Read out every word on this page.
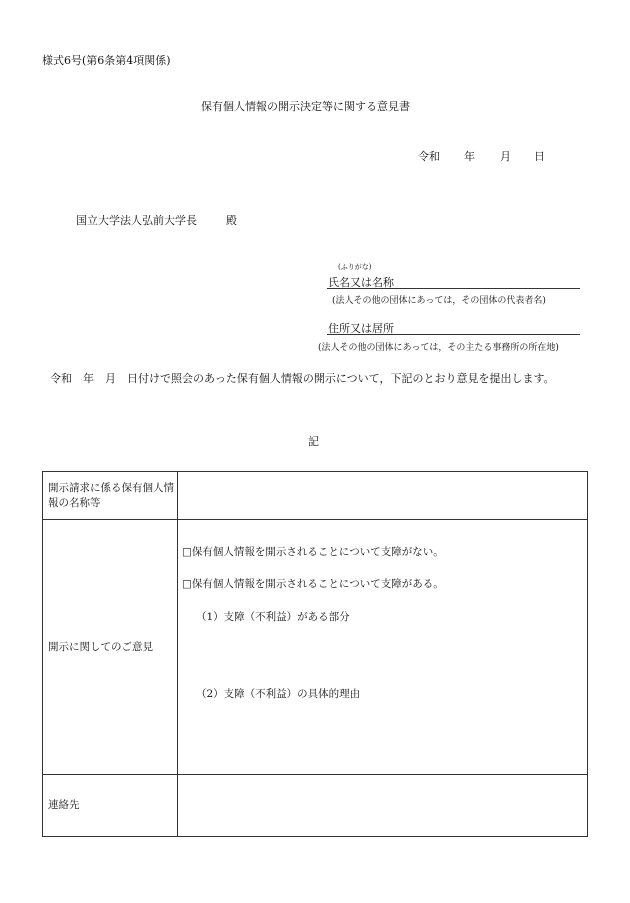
様式6号(第6条第4項関係)
保有個人情報の開示決定等に関する意見書
令和 年 月 日
国立大学法人弘前大学長	殿
(ふりがな)
氏名又は名称
(法人その他の団体にあっては，その団体の代表者名)
住所又は居所
(法人その他の団体にあっては，その主たる事務所の所在地)
令和　年　月　日付けで照会のあった保有個人情報の開示について，下記のとおり意見を提出します。
記
開示請求に係る保有個人情報の名称等	

開示に関してのご意見	□保有個人情報を開示されることについて支障がない。
□保有個人情報を開示されることについて支障がある。
（1）支障（不利益）がある部分
（2）支障（不利益）の具体的理由

連絡先	
